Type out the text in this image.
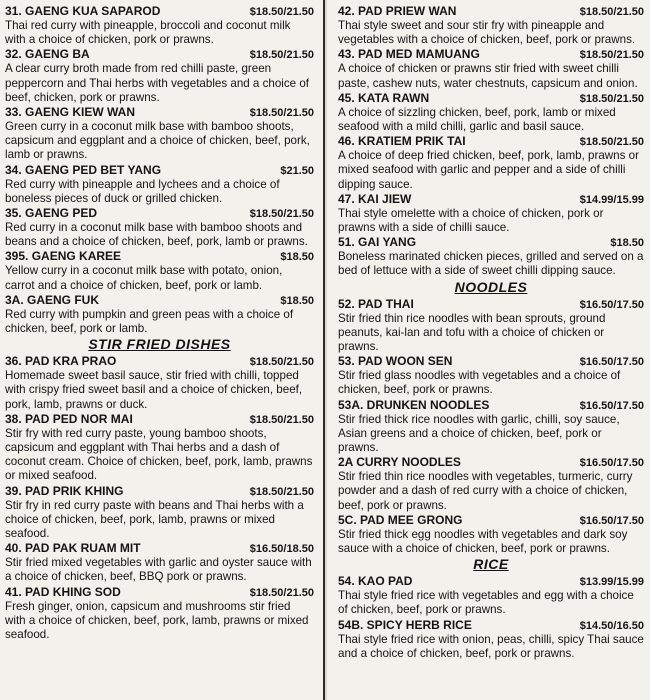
31. GAENG KUA SAPAROD	$18.50/21.50
Thai red curry with pineapple, broccoli and coconut milk with a choice of chicken, pork or prawns.
32. GAENG BA	$18.50/21.50
A clear curry broth made from red chilli paste, green peppercorn and Thai herbs with vegetables and a choice of beef, chicken, pork or prawns.
33. GAENG KIEW WAN	$18.50/21.50
Green curry in a coconut milk base with bamboo shoots, capsicum and eggplant and a choice of chicken, beef, pork, lamb or prawns.
34. GAENG PED BET YANG	$21.50
Red curry with pineapple and lychees and a choice of boneless pieces of duck or grilled chicken.
35. GAENG PED	$18.50/21.50
Red curry in a coconut milk base with bamboo shoots and beans and a choice of chicken, beef, pork, lamb or prawns.
395. GAENG KAREE	$18.50
Yellow curry in a coconut milk base with potato, onion, carrot and a choice of chicken, beef, pork or lamb.
3A. GAENG FUK	$18.50
Red curry with pumpkin and green peas with a choice of chicken, beef, pork or lamb.
STIR FRIED DISHES
36. PAD KRA PRAO	$18.50/21.50
Homemade sweet basil sauce, stir fried with chilli, topped with crispy fried sweet basil and a choice of chicken, beef, pork, lamb, prawns or duck.
38. PAD PED NOR MAI	$18.50/21.50
Stir fry with red curry paste, young bamboo shoots, capsicum and eggplant with Thai herbs and a dash of coconut cream. Choice of chicken, beef, pork, lamb, prawns or mixed seafood.
39. PAD PRIK KHING	$18.50/21.50
Stir fry in red curry paste with beans and Thai herbs with a choice of chicken, beef, pork, lamb, prawns or mixed seafood.
40. PAD PAK RUAM MIT	$16.50/18.50
Stir fried mixed vegetables with garlic and oyster sauce with a choice of chicken, beef, BBQ pork or prawns.
41. PAD KHING SOD	$18.50/21.50
Fresh ginger, onion, capsicum and mushrooms stir fried with a choice of chicken, beef, pork, lamb, prawns or mixed seafood.
42. PAD PRIEW WAN	$18.50/21.50
Thai style sweet and sour stir fry with pineapple and vegetables with a choice of chicken, beef, pork or prawns.
43. PAD MED MAMUANG	$18.50/21.50
A choice of chicken or prawns stir fried with sweet chilli paste, cashew nuts, water chestnuts, capsicum and onion.
45. KATA RAWN	$18.50/21.50
A choice of sizzling chicken, beef, pork, lamb or mixed seafood with a mild chilli, garlic and basil sauce.
46. KRATIEM PRIK TAI	$18.50/21.50
A choice of deep fried chicken, beef, pork, lamb, prawns or mixed seafood with garlic and pepper and a side of chilli dipping sauce.
47. KAI JIEW	$14.99/15.99
Thai style omelette with a choice of chicken, pork or prawns with a side of chilli sauce.
51. GAI YANG	$18.50
Boneless marinated chicken pieces, grilled and served on a bed of lettuce with a side of sweet chilli dipping sauce.
NOODLES
52. PAD THAI	$16.50/17.50
Stir fried thin rice noodles with bean sprouts, ground peanuts, kai-lan and tofu with a choice of chicken or prawns.
53. PAD WOON SEN	$16.50/17.50
Stir fried glass noodles with vegetables and a choice of chicken, beef, pork or prawns.
53A. DRUNKEN NOODLES	$16.50/17.50
Stir fried thick rice noodles with garlic, chilli, soy sauce, Asian greens and a choice of chicken, beef, pork or prawns.
2A CURRY NOODLES	$16.50/17.50
Stir fried thin rice noodles with vegetables, turmeric, curry powder and a dash of red curry with a choice of chicken, beef, pork or prawns.
5C. PAD MEE GRONG	$16.50/17.50
Stir fried thick egg noodles with vegetables and dark soy sauce with a choice of chicken, beef, pork or prawns.
RICE
54. KAO PAD	$13.99/15.99
Thai style fried rice with vegetables and egg with a choice of chicken, beef, pork or prawns.
54B. SPICY HERB RICE	$14.50/16.50
Thai style fried rice with onion, peas, chilli, spicy Thai sauce and a choice of chicken, beef, pork or prawns.
